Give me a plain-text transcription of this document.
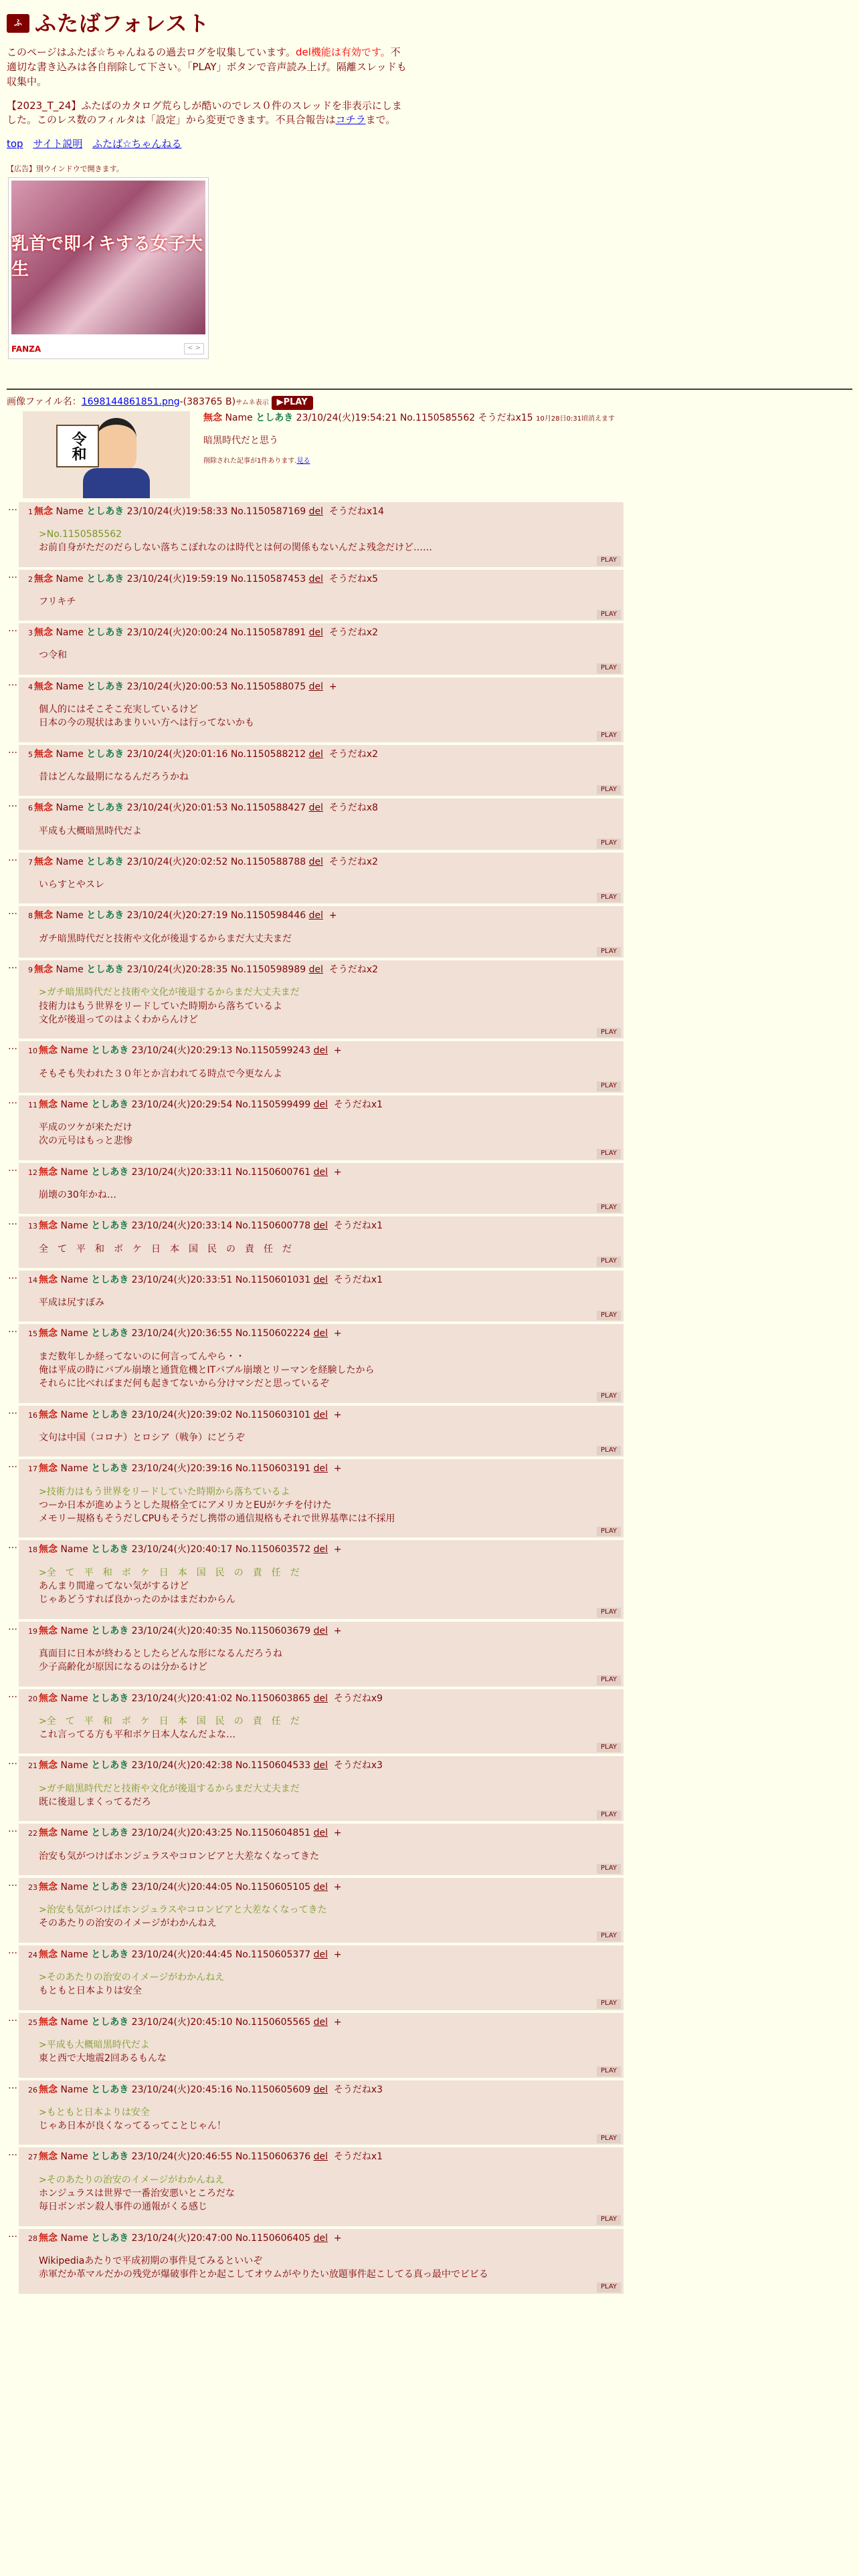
ふ ふたばフォレスト
このページはふたば☆ちゃんねるの過去ログを収集しています。del機能は有効です。不適切な書き込みは各自削除して下さい。「PLAY」ボタンで音声読み上げ。隔離スレッドも収集中。
【2023_T_24】ふたばのカタログ荒らしが酷いのでレス０件のスレッドを非表示にしました。このレス数のフィルタは「設定」から変更できます。不具合報告はコチラまで。
top サイト説明 ふたば☆ちゃんねる
【広告】別ウインドウで開きます。
乳首で即イキする女子大生
FANZA	< >
画像ファイル名：1698144861851.png-(383765 B)サムネ表示 ▶PLAY
令和
無念 Name としあき 23/10/24(火)19:54:21 No.1150585562 そうだねx15 10月28日0:31頃消えます

暗黒時代だと思う

削除された記事が1件あります.見る

… 1 無念 Name としあき 23/10/24(火)19:58:33 No.1150587169 del そうだねx14
>No.1150585562
お前自身がただのだらしない落ちこぼれなのは時代とは何の関係もないんだよ残念だけど……
PLAY
… 2 無念 Name としあき 23/10/24(火)19:59:19 No.1150587453 del そうだねx5
フリキチ
PLAY
… 3 無念 Name としあき 23/10/24(火)20:00:24 No.1150587891 del そうだねx2
つ令和
PLAY
… 4 無念 Name としあき 23/10/24(火)20:00:53 No.1150588075 del +
個人的にはそこそこ充実しているけど
日本の今の現状はあまりいい方へは行ってないかも
PLAY
… 5 無念 Name としあき 23/10/24(火)20:01:16 No.1150588212 del そうだねx2
昔はどんな最期になるんだろうかね
PLAY
… 6 無念 Name としあき 23/10/24(火)20:01:53 No.1150588427 del そうだねx8
平成も大概暗黒時代だよ
PLAY
… 7 無念 Name としあき 23/10/24(火)20:02:52 No.1150588788 del そうだねx2
いらすとやスレ
PLAY
… 8 無念 Name としあき 23/10/24(火)20:27:19 No.1150598446 del +
ガチ暗黒時代だと技術や文化が後退するからまだ大丈夫まだ
PLAY
… 9 無念 Name としあき 23/10/24(火)20:28:35 No.1150598989 del そうだねx2
>ガチ暗黒時代だと技術や文化が後退するからまだ大丈夫まだ
技術力はもう世界をリードしていた時期から落ちているよ
文化が後退ってのはよくわからんけど
PLAY
… 10 無念 Name としあき 23/10/24(火)20:29:13 No.1150599243 del +
そもそも失われた３０年とか言われてる時点で今更なんよ
PLAY
… 11 無念 Name としあき 23/10/24(火)20:29:54 No.1150599499 del そうだねx1
平成のツケが来ただけ
次の元号はもっと悲惨
PLAY
… 12 無念 Name としあき 23/10/24(火)20:33:11 No.1150600761 del +
崩壊の30年かね…
PLAY
… 13 無念 Name としあき 23/10/24(火)20:33:14 No.1150600778 del そうだねx1
全　て　平　和　ボ　ケ　日　本　国　民　の　責　任　だ
PLAY
… 14 無念 Name としあき 23/10/24(火)20:33:51 No.1150601031 del そうだねx1
平成は尻すぼみ
PLAY
… 15 無念 Name としあき 23/10/24(火)20:36:55 No.1150602224 del +
まだ数年しか経ってないのに何言ってんやら・・
俺は平成の時にバブル崩壊と通貨危機とITバブル崩壊とリーマンを経験したから
それらに比べればまだ何も起きてないから分けマシだと思っているぞ
PLAY
… 16 無念 Name としあき 23/10/24(火)20:39:02 No.1150603101 del +
文句は中国（コロナ）とロシア（戦争）にどうぞ
PLAY
… 17 無念 Name としあき 23/10/24(火)20:39:16 No.1150603191 del +
>技術力はもう世界をリードしていた時期から落ちているよ
つーか日本が進めようとした規格全てにアメリカとEUがケチを付けた
メモリー規格もそうだしCPUもそうだし携帯の通信規格もそれで世界基準には不採用
PLAY
… 18 無念 Name としあき 23/10/24(火)20:40:17 No.1150603572 del +
>全　て　平　和　ボ　ケ　日　本　国　民　の　責　任　だ
あんまり間違ってない気がするけど
じゃあどうすれば良かったのかはまだわからん
PLAY
… 19 無念 Name としあき 23/10/24(火)20:40:35 No.1150603679 del +
真面目に日本が終わるとしたらどんな形になるんだろうね
少子高齢化が原因になるのは分かるけど
PLAY
… 20 無念 Name としあき 23/10/24(火)20:41:02 No.1150603865 del そうだねx9
>全　て　平　和　ボ　ケ　日　本　国　民　の　責　任　だ
これ言ってる方も平和ボケ日本人なんだよな…
PLAY
… 21 無念 Name としあき 23/10/24(火)20:42:38 No.1150604533 del そうだねx3
>ガチ暗黒時代だと技術や文化が後退するからまだ大丈夫まだ
既に後退しまくってるだろ
PLAY
… 22 無念 Name としあき 23/10/24(火)20:43:25 No.1150604851 del +
治安も気がつけばホンジュラスやコロンビアと大差なくなってきた
PLAY
… 23 無念 Name としあき 23/10/24(火)20:44:05 No.1150605105 del +
>治安も気がつけばホンジュラスやコロンビアと大差なくなってきた
そのあたりの治安のイメージがわかんねえ
PLAY
… 24 無念 Name としあき 23/10/24(火)20:44:45 No.1150605377 del +
>そのあたりの治安のイメージがわかんねえ
もともと日本よりは安全
PLAY
… 25 無念 Name としあき 23/10/24(火)20:45:10 No.1150605565 del +
>平成も大概暗黒時代だよ
東と西で大地震2回あるもんな
PLAY
… 26 無念 Name としあき 23/10/24(火)20:45:16 No.1150605609 del そうだねx3
>もともと日本よりは安全
じゃあ日本が良くなってるってことじゃん！
PLAY
… 27 無念 Name としあき 23/10/24(火)20:46:55 No.1150606376 del そうだねx1
>そのあたりの治安のイメージがわかんねえ
ホンジュラスは世界で一番治安悪いところだな
毎日ボンボン殺人事件の通報がくる感じ
PLAY
… 28 無念 Name としあき 23/10/24(火)20:47:00 No.1150606405 del +
Wikipediaあたりで平成初期の事件見てみるといいぞ
赤軍だか革マルだかの残党が爆破事件とか起こしてオウムがやりたい放題事件起こしてる真っ最中でビビる
PLAY
